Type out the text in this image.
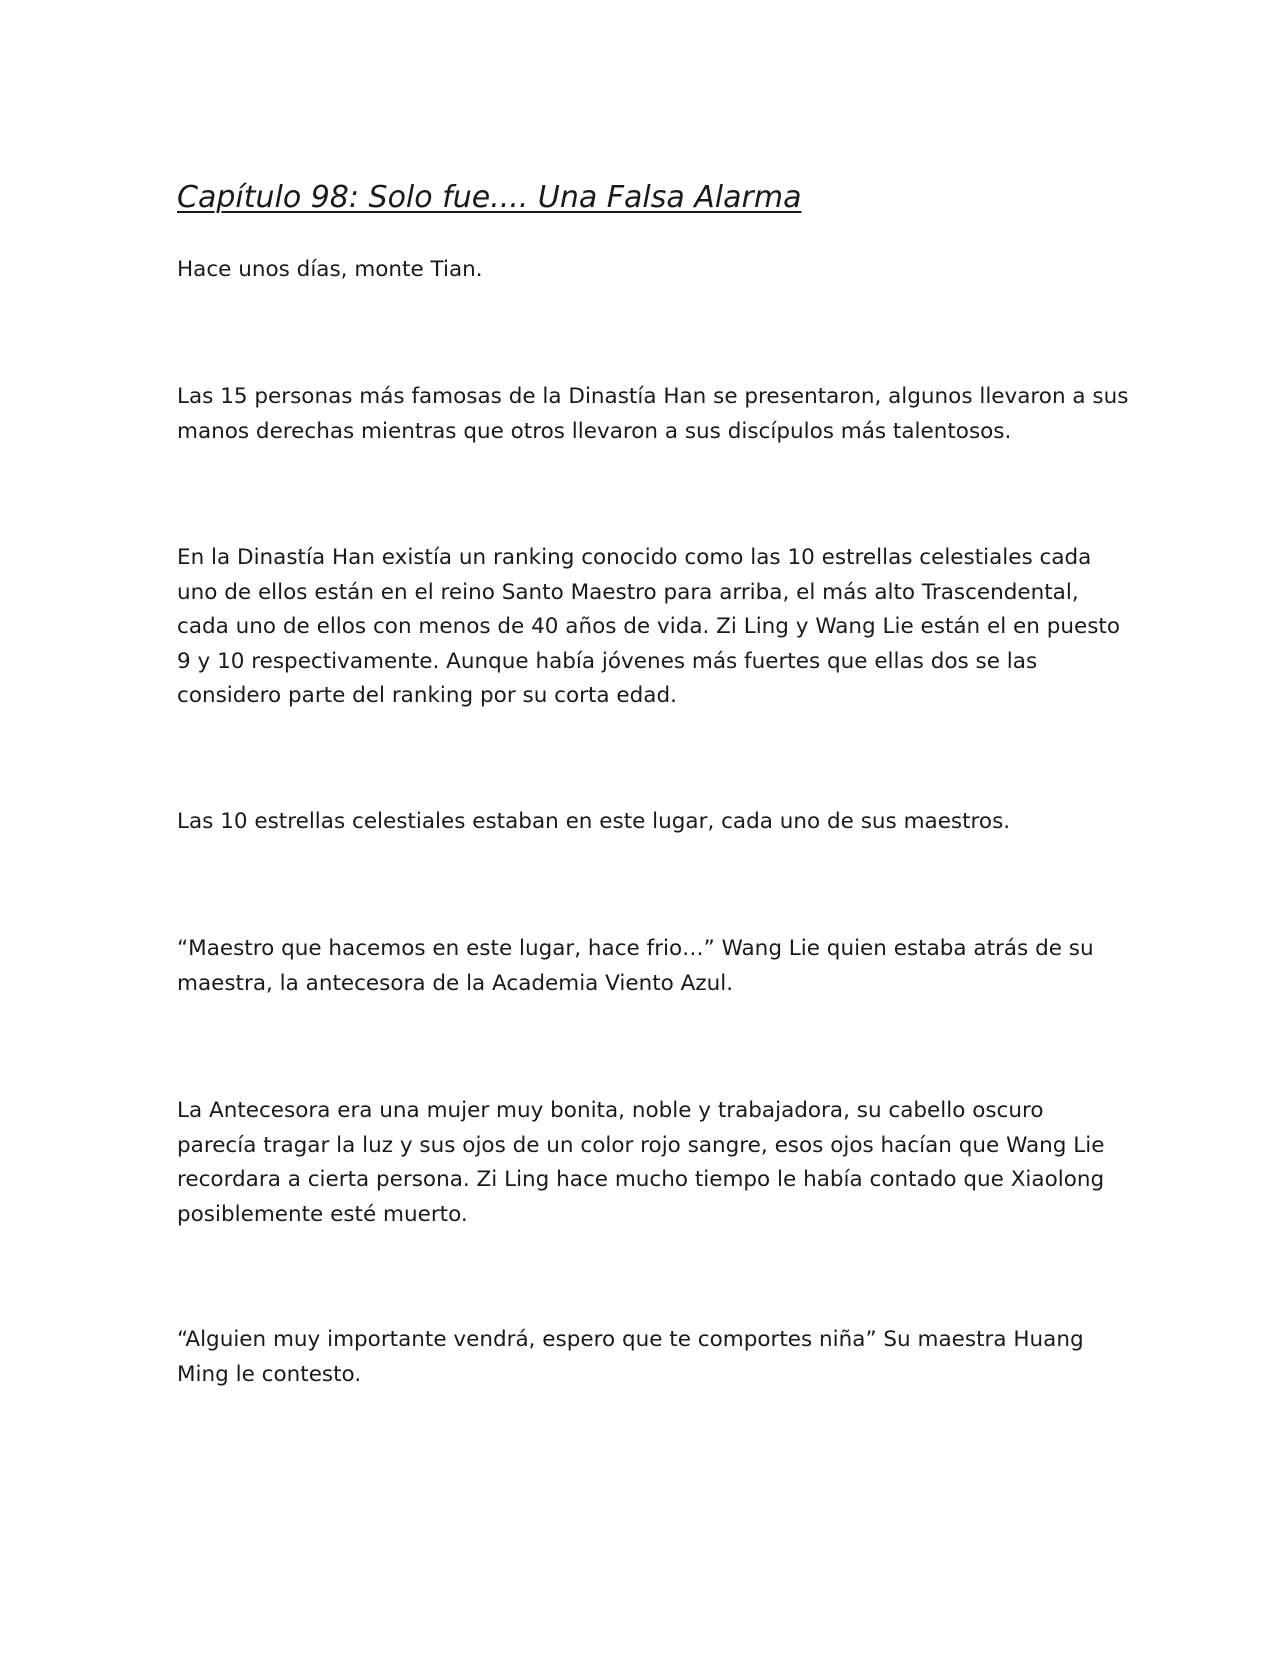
Capítulo 98: Solo fue.... Una Falsa Alarma

Hace unos días, monte Tian.

Las 15 personas más famosas de la Dinastía Han se presentaron, algunos llevaron a sus
manos derechas mientras que otros llevaron a sus discípulos más talentosos.

En la Dinastía Han existía un ranking conocido como las 10 estrellas celestiales cada
uno de ellos están en el reino Santo Maestro para arriba, el más alto Trascendental,
cada uno de ellos con menos de 40 años de vida. Zi Ling y Wang Lie están el en puesto
9 y 10 respectivamente. Aunque había jóvenes más fuertes que ellas dos se las
considero parte del ranking por su corta edad.

Las 10 estrellas celestiales estaban en este lugar, cada uno de sus maestros.

“Maestro que hacemos en este lugar, hace frio…” Wang Lie quien estaba atrás de su
maestra, la antecesora de la Academia Viento Azul.

La Antecesora era una mujer muy bonita, noble y trabajadora, su cabello oscuro
parecía tragar la luz y sus ojos de un color rojo sangre, esos ojos hacían que Wang Lie
recordara a cierta persona. Zi Ling hace mucho tiempo le había contado que Xiaolong
posiblemente esté muerto.

“Alguien muy importante vendrá, espero que te comportes niña” Su maestra Huang
Ming le contesto.
